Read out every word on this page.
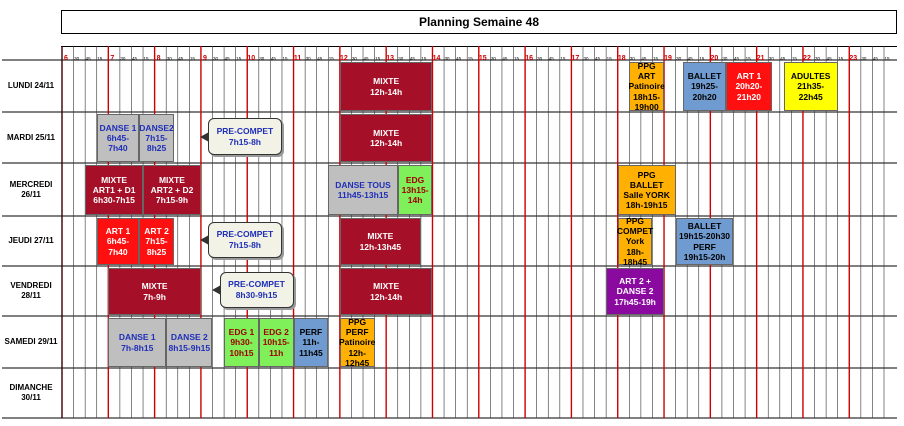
Planning Semaine 48
6 30 45 15 7 30 45 15 8 30 45 15 9 30 45 15 10 30 45 15 11 30 45 15 12 30 45 15 13 30 45 15 14 30 45 15 15 30 45 15 16 30 45 15 17 30 45 15 18 30 45 15 19 30 45 15 20 30 45 15 21 30 45 15 22 30 45 15 23 30 45 15
LUNDI 24/11
MARDI 25/11
MERCREDI 26/11
JEUDI 27/11
VENDREDI 28/11
SAMEDI 29/11
DIMANCHE 30/11
MIXTE
12h-14h
PPG ART
Patinoire
18h15-
19h00
BALLET
19h25-
20h20
ART 1
20h20-
21h20
ADULTES
21h35-
22h45
DANSE 1
6h45-7h40
DANSE2
7h15-8h25
MIXTE
12h-14h
MIXTE
ART1 + D1
6h30-7h15
MIXTE
ART2 + D2
7h15-9h
DANSE TOUS
11h45-13h15
EDG
13h15-
14h
PPG
BALLET
Salle YORK
18h-19h15
ART 1
6h45-7h40
ART 2
7h15-
8h25
MIXTE
12h-13h45
PPG
COMPET
York
18h-
18h45
BALLET
19h15-20h30
PERF
19h15-20h
MIXTE
7h-9h
MIXTE
12h-14h
ART 2 +
DANSE 2
17h45-19h
DANSE 1
7h-8h15
DANSE 2
8h15-9h15
EDG 1
9h30-
10h15
EDG 2
10h15-
11h
PERF
11h-
11h45
PPG
PERF
Patinoire
12h-
12h45
PRE-COMPET
7h15-8h
PRE-COMPET
7h15-8h
PRE-COMPET
8h30-9h15
